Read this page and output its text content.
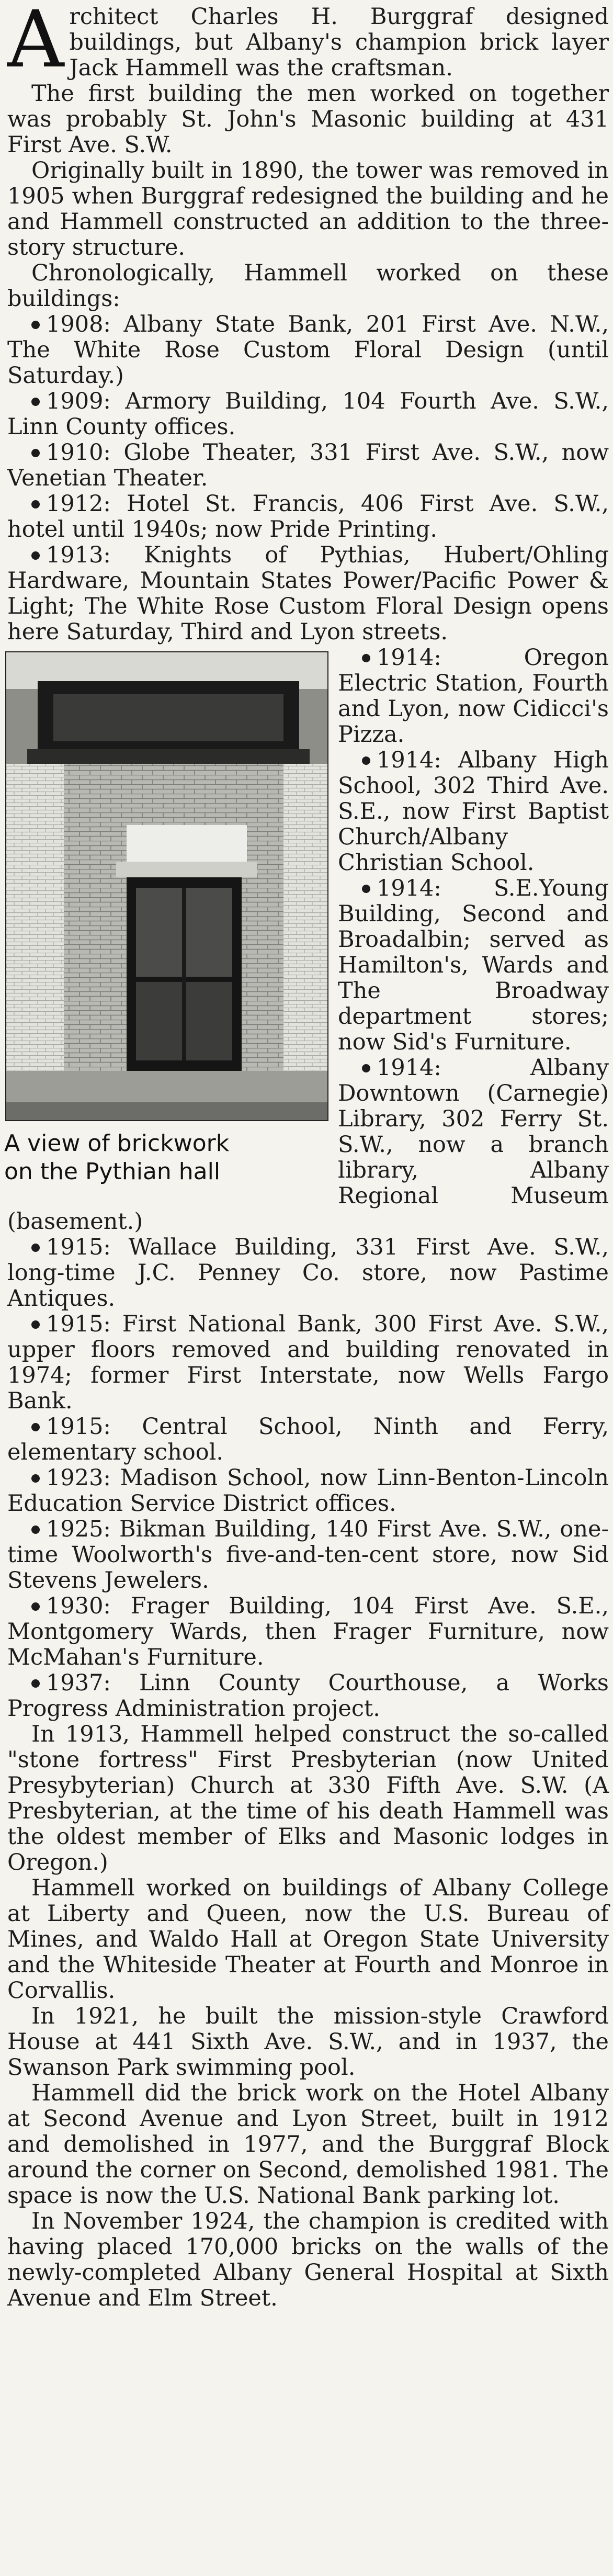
Architect Charles H. Burggraf designed buildings, but Albany's champion brick layer Jack Hammell was the craftsman.

The first building the men worked on together was probably St. John's Masonic building at 431 First Ave. S.W.

Originally built in 1890, the tower was removed in 1905 when Burggraf redesigned the building and he and Hammell constructed an addition to the three-story structure.

Chronologically, Hammell worked on these buildings:

1908: Albany State Bank, 201 First Ave. N.W., The White Rose Custom Floral Design (until Saturday.)

1909: Armory Building, 104 Fourth Ave. S.W., Linn County offices.

1910: Globe Theater, 331 First Ave. S.W., now Venetian Theater.

1912: Hotel St. Francis, 406 First Ave. S.W., hotel until 1940s; now Pride Printing.

1913: Knights of Pythias, Hubert/Ohling Hardware, Mountain States Power/Pacific Power & Light; The White Rose Custom Floral Design opens here Saturday, Third and Lyon streets.

A view of brickwork
on the Pythian hall

1914: Oregon Electric Station, Fourth and Lyon, now Cidicci's Pizza.

1914: Albany High School, 302 Third Ave. S.E., now First Baptist Church/Albany Christian School.

1914: S.E.Young Building, Second and Broadalbin; served as Hamilton's, Wards and The Broadway department stores; now Sid's Furniture.

1914: Albany Downtown (Carnegie) Library, 302 Ferry St. S.W., now a branch library, Albany Regional Museum (basement.)

1915: Wallace Building, 331 First Ave. S.W., long-time J.C. Penney Co. store, now Pastime Antiques.

1915: First National Bank, 300 First Ave. S.W., upper floors removed and building renovated in 1974; former First Interstate, now Wells Fargo Bank.

1915: Central School, Ninth and Ferry, elementary school.

1923: Madison School, now Linn-Benton-Lincoln Education Service District offices.

1925: Bikman Building, 140 First Ave. S.W., one-time Woolworth's five-and-ten-cent store, now Sid Stevens Jewelers.

1930: Frager Building, 104 First Ave. S.E., Montgomery Wards, then Frager Furniture, now McMahan's Furniture.

1937: Linn County Courthouse, a Works Progress Administration project.

In 1913, Hammell helped construct the so-called "stone fortress" First Presbyterian (now United Presybyterian) Church at 330 Fifth Ave. S.W. (A Presbyterian, at the time of his death Hammell was the oldest member of Elks and Masonic lodges in Oregon.)

Hammell worked on buildings of Albany College at Liberty and Queen, now the U.S. Bureau of Mines, and Waldo Hall at Oregon State University and the Whiteside Theater at Fourth and Monroe in Corvallis.

In 1921, he built the mission-style Crawford House at 441 Sixth Ave. S.W., and in 1937, the Swanson Park swimming pool.

Hammell did the brick work on the Hotel Albany at Second Avenue and Lyon Street, built in 1912 and demolished in 1977, and the Burggraf Block around the corner on Second, demolished 1981. The space is now the U.S. National Bank parking lot.

In November 1924, the champion is credited with having placed 170,000 bricks on the walls of the newly-completed Albany General Hospital at Sixth Avenue and Elm Street.
